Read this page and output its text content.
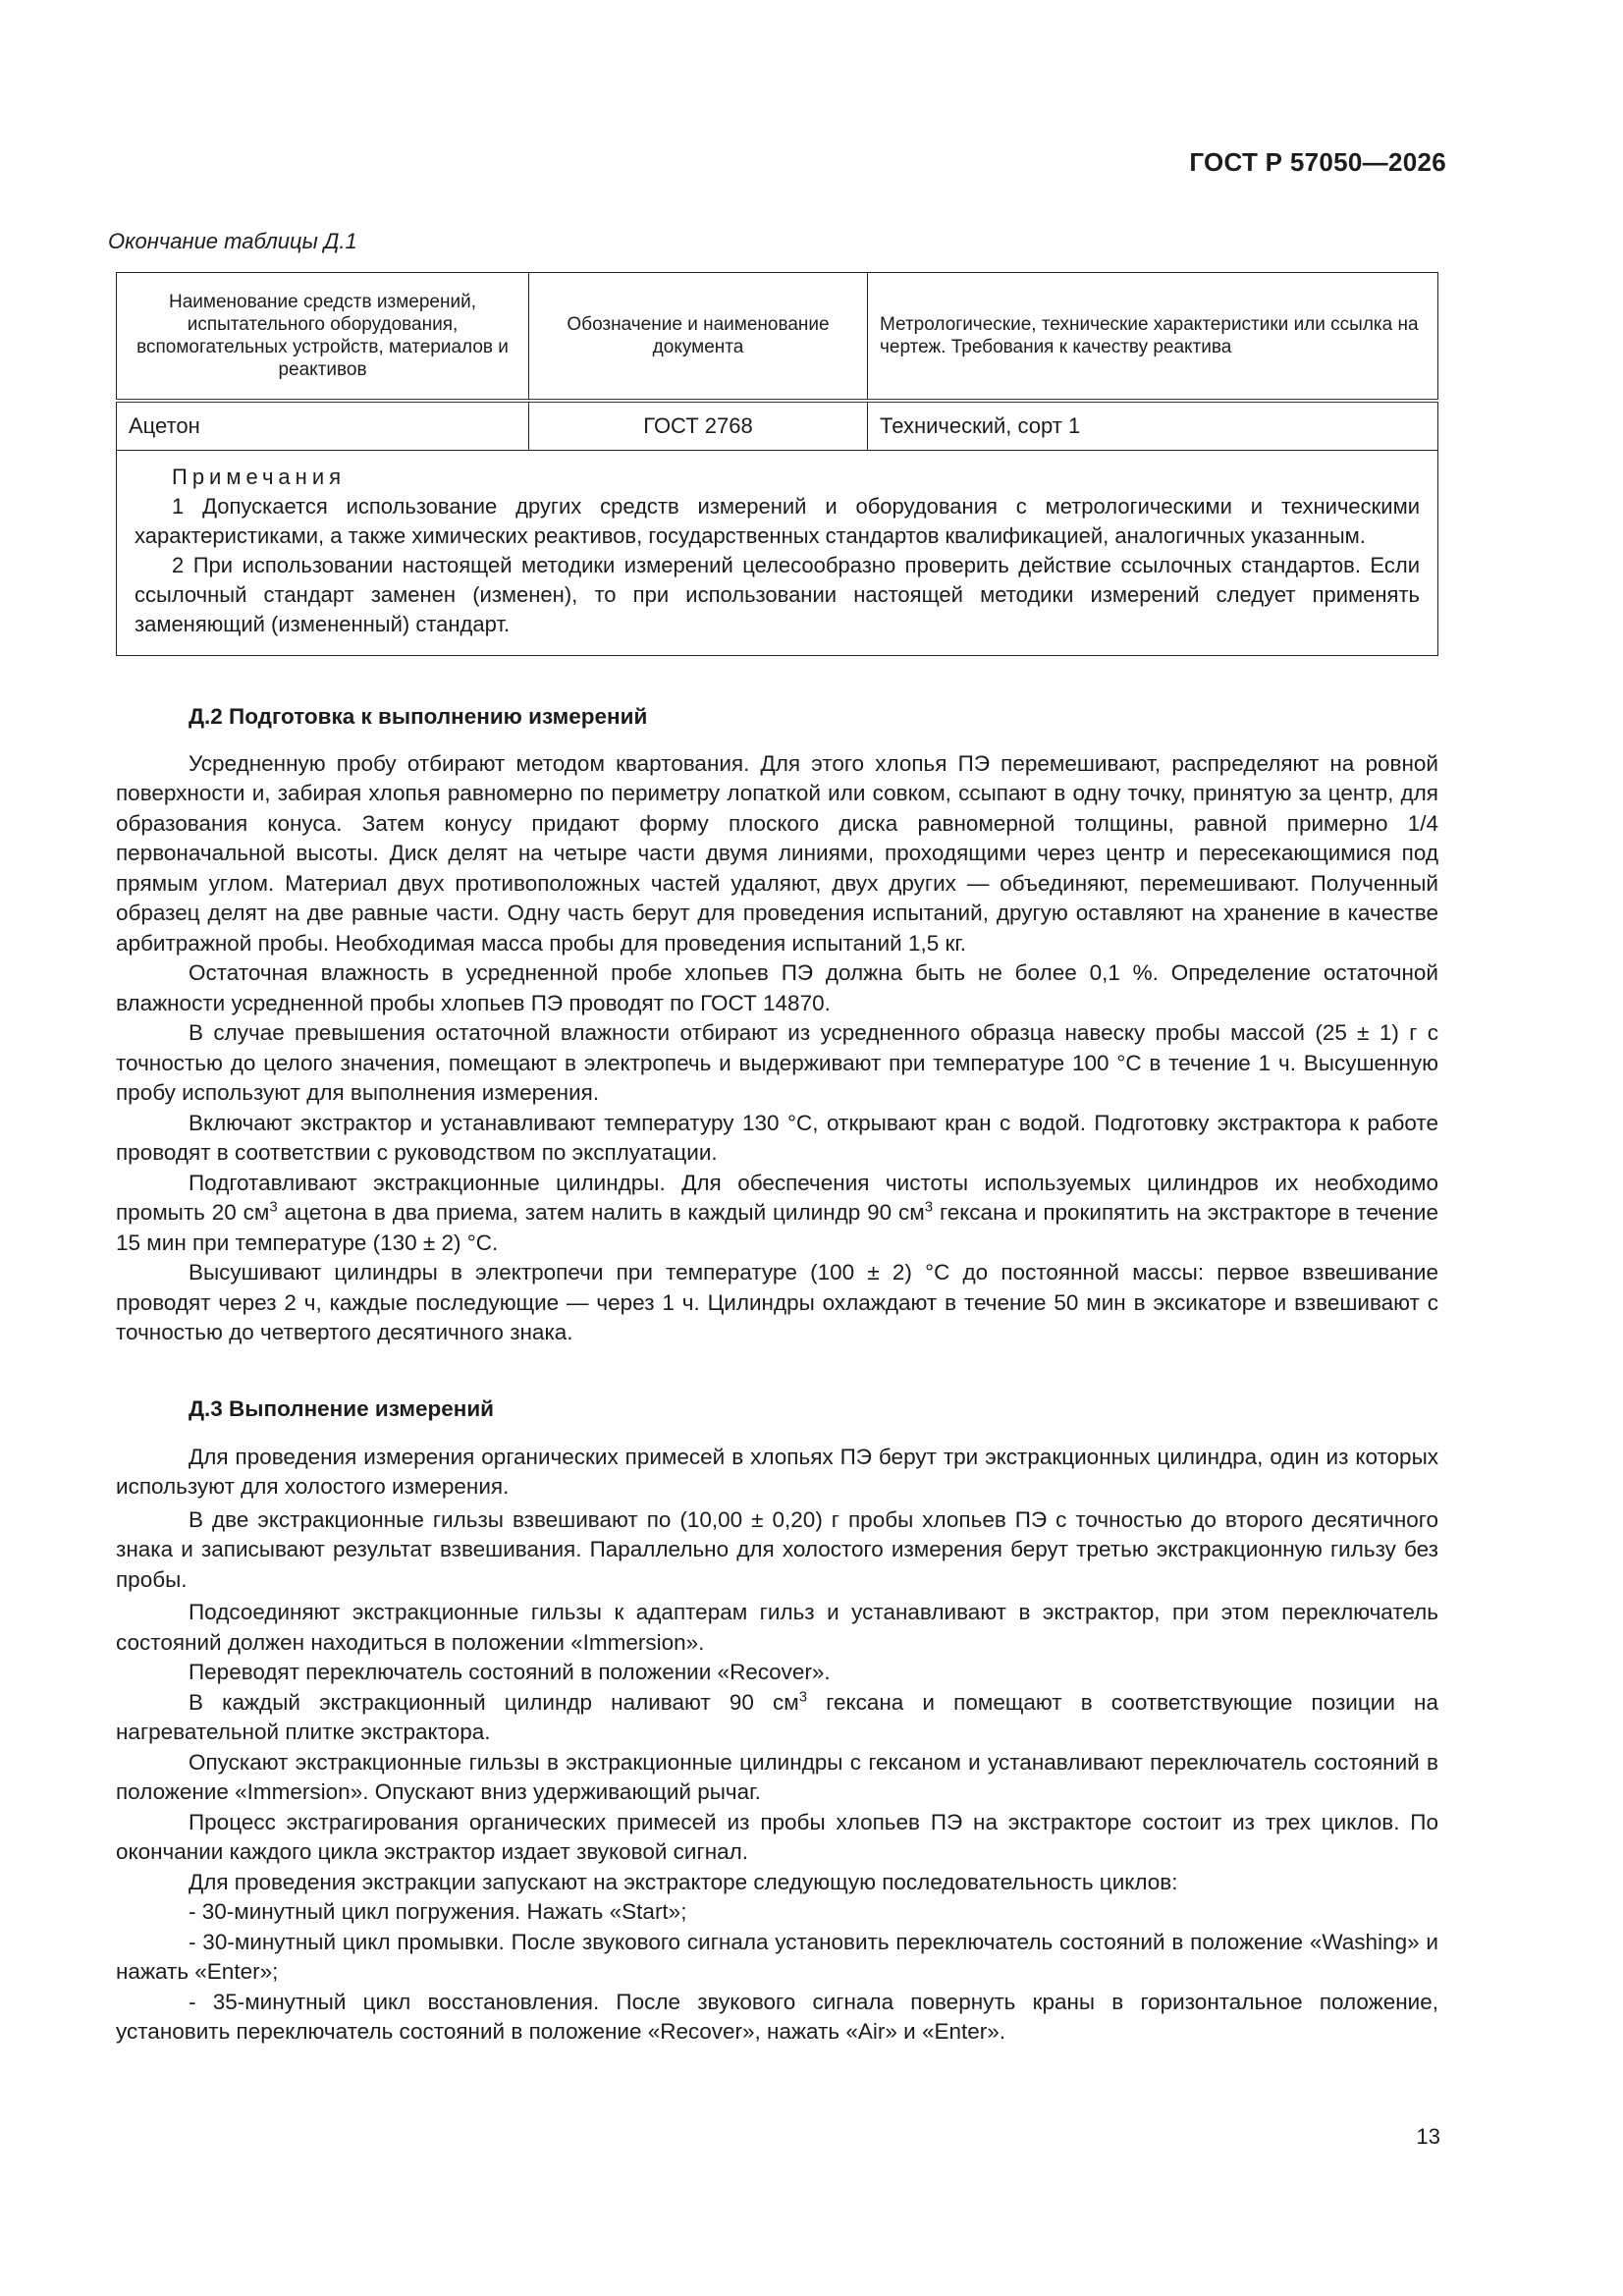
ГОСТ Р 57050—2026
Окончание таблицы Д.1
Наименование средств измерений, испытательного оборудования, вспомогательных устройств, материалов и реактивов	Обозначение и наименование документа	Метрологические, технические характеристики или ссылка на чертеж. Требования к качеству реактива
Ацетон	ГОСТ 2768	Технический, сорт 1

Примечания

1 Допускается использование других средств измерений и оборудования с метрологическими и техническими характеристиками, а также химических реактивов, государственных стандартов квалификацией, аналогичных указанным.

2 При использовании настоящей методики измерений целесообразно проверить действие ссылочных стандартов. Если ссылочный стандарт заменен (изменен), то при использовании настоящей методики измерений следует применять заменяющий (измененный) стандарт.		

Д.2 Подготовка к выполнению измерений

Усредненную пробу отбирают методом квартования. Для этого хлопья ПЭ перемешивают, распределяют на ровной поверхности и, забирая хлопья равномерно по периметру лопаткой или совком, ссыпают в одну точку, принятую за центр, для образования конуса. Затем конусу придают форму плоского диска равномерной толщины, равной примерно 1/4 первоначальной высоты. Диск делят на четыре части двумя линиями, проходящими через центр и пересекающимися под прямым углом. Материал двух противоположных частей удаляют, двух других — объединяют, перемешивают. Полученный образец делят на две равные части. Одну часть берут для проведения испытаний, другую оставляют на хранение в качестве арбитражной пробы. Необходимая масса пробы для проведения испытаний 1,5 кг.

Остаточная влажность в усредненной пробе хлопьев ПЭ должна быть не более 0,1 %. Определение остаточной влажности усредненной пробы хлопьев ПЭ проводят по ГОСТ 14870.

В случае превышения остаточной влажности отбирают из усредненного образца навеску пробы массой (25 ± 1) г с точностью до целого значения, помещают в электропечь и выдерживают при температуре 100 °С в течение 1 ч. Высушенную пробу используют для выполнения измерения.

Включают экстрактор и устанавливают температуру 130 °С, открывают кран с водой. Подготовку экстрактора к работе проводят в соответствии с руководством по эксплуатации.

Подготавливают экстракционные цилиндры. Для обеспечения чистоты используемых цилиндров их необходимо промыть 20 $см^3$ ацетона в два приема, затем налить в каждый цилиндр 90 $см^3$ гексана и прокипятить на экстракторе в течение 15 мин при температуре (130 ± 2) °С.

Высушивают цилиндры в электропечи при температуре (100 ± 2) °С до постоянной массы: первое взвешивание проводят через 2 ч, каждые последующие — через 1 ч. Цилиндры охлаждают в течение 50 мин в эксикаторе и взвешивают с точностью до четвертого десятичного знака.

Д.3 Выполнение измерений

Для проведения измерения органических примесей в хлопьях ПЭ берут три экстракционных цилиндра, один из которых используют для холостого измерения.

В две экстракционные гильзы взвешивают по (10,00 ± 0,20) г пробы хлопьев ПЭ с точностью до второго десятичного знака и записывают результат взвешивания. Параллельно для холостого измерения берут третью экстракционную гильзу без пробы.

Подсоединяют экстракционные гильзы к адаптерам гильз и устанавливают в экстрактор, при этом переключатель состояний должен находиться в положении «Immersion».

Переводят переключатель состояний в положении «Recover».

В каждый экстракционный цилиндр наливают 90 $см^3$ гексана и помещают в соответствующие позиции на нагревательной плитке экстрактора.

Опускают экстракционные гильзы в экстракционные цилиндры с гексаном и устанавливают переключатель состояний в положение «Immersion». Опускают вниз удерживающий рычаг.

Процесс экстрагирования органических примесей из пробы хлопьев ПЭ на экстракторе состоит из трех циклов. По окончании каждого цикла экстрактор издает звуковой сигнал.

Для проведения экстракции запускают на экстракторе следующую последовательность циклов:

- 30-минутный цикл погружения. Нажать «Start»;

- 30-минутный цикл промывки. После звукового сигнала установить переключатель состояний в положение «Washing» и нажать «Enter»;

- 35-минутный цикл восстановления. После звукового сигнала повернуть краны в горизонтальное положение, установить переключатель состояний в положение «Recover», нажать «Air» и «Enter».

13
